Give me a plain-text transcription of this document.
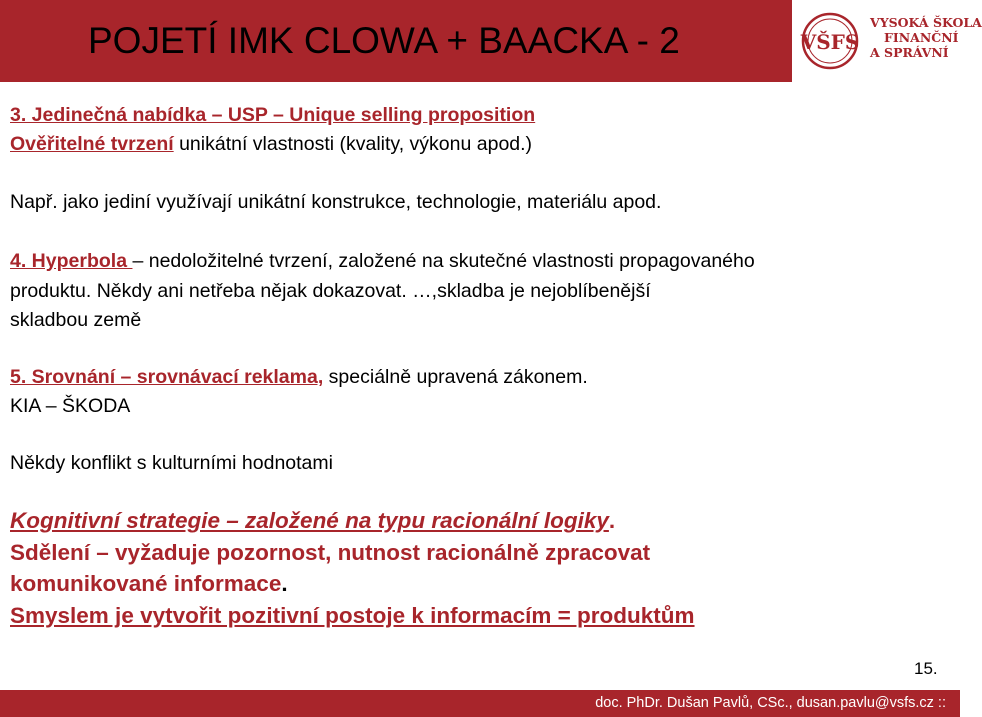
POJETÍ IMK CLOWA + BAACKA - 2	VŠFS
VYSOKÁ ŠKOLA
FINANČNÍ
A SPRÁVNÍ
3. Jedinečná nabídka – USP – Unique selling proposition
Ověřitelné tvrzení unikátní vlastnosti (kvality, výkonu apod.)
Např. jako jediní využívají unikátní konstrukce, technologie, materiálu apod.
4. Hyperbola – nedoložitelné tvrzení, založené na skutečné vlastnosti propagovaného
produktu. Někdy ani netřeba nějak dokazovat. …,skladba je nejoblíbenější
skladbou země
5. Srovnání – srovnávací reklama, speciálně upravená zákonem.
KIA – ŠKODA
Někdy konflikt s kulturními hodnotami
Kognitivní strategie – založené na typu racionální logiky.
Sdělení – vyžaduje pozornost, nutnost racionálně zpracovat
komunikované informace.
Smyslem je vytvořit pozitivní postoje k informacím = produktům
15.
doc. PhDr. Dušan Pavlů, CSc., dusan.pavlu@vsfs.cz ::
